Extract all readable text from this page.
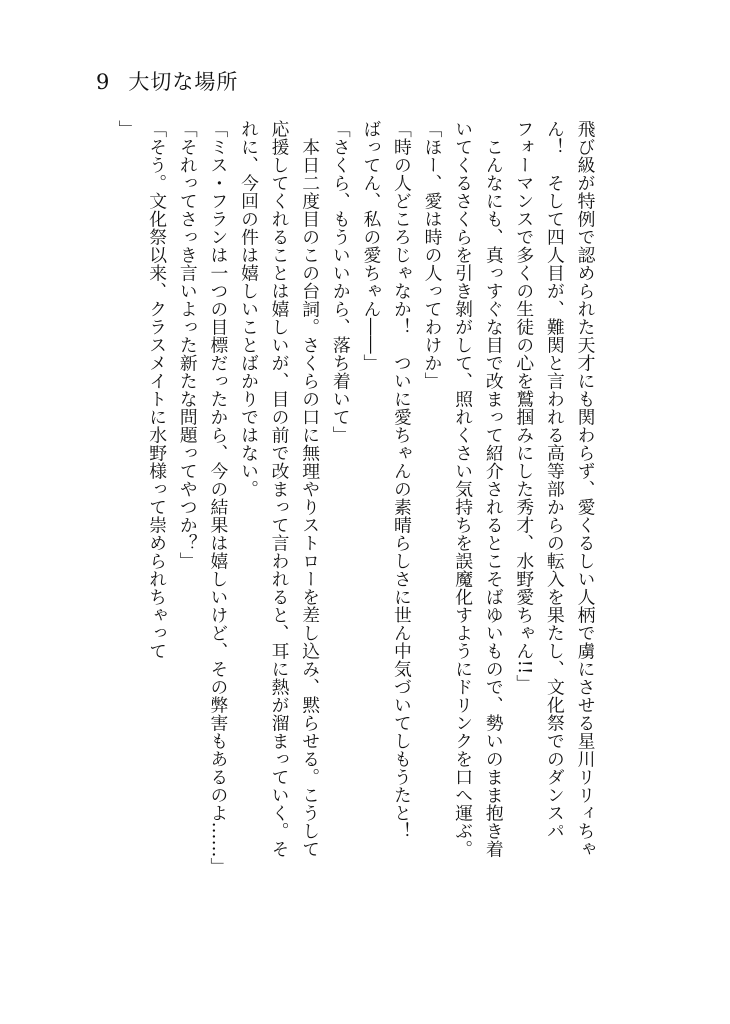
9 大切な場所

飛び級が特例で認められた天才にも関わらず、愛くるしい人柄で虜にさせる星川リリィちゃ

ん！　そして四人目が、難関と言われる高等部からの転入を果たし、文化祭でのダンスパ

フォーマンスで多くの生徒の心を鷲掴みにした秀才、水野愛ちゃん!!」

　こんなにも、真っすぐな目で改まって紹介されるとこそばゆいもので、勢いのまま抱き着

いてくるさくらを引き剝がして、照れくさい気持ちを誤魔化すようにドリンクを口へ運ぶ。

「ほー、愛は時の人ってわけか」

「時の人どころじゃなか！　ついに愛ちゃんの素晴らしさに世ん中気づいてしもうたと！

ばってん、私の愛ちゃん――」

「さくら、もういいから、落ち着いて」

　本日二度目のこの台詞。さくらの口に無理やりストローを差し込み、黙らせる。こうして

応援してくれることは嬉しいが、目の前で改まって言われると、耳に熱が溜まっていく。そ

れに、今回の件は嬉しいことばかりではない。

「ミス・フランは一つの目標だったから、今の結果は嬉しいけど、その弊害もあるのよ……」

「それってさっき言いよった新たな問題ってやつか？」

「そう。文化祭以来、クラスメイトに水野様って崇められちゃって

」
